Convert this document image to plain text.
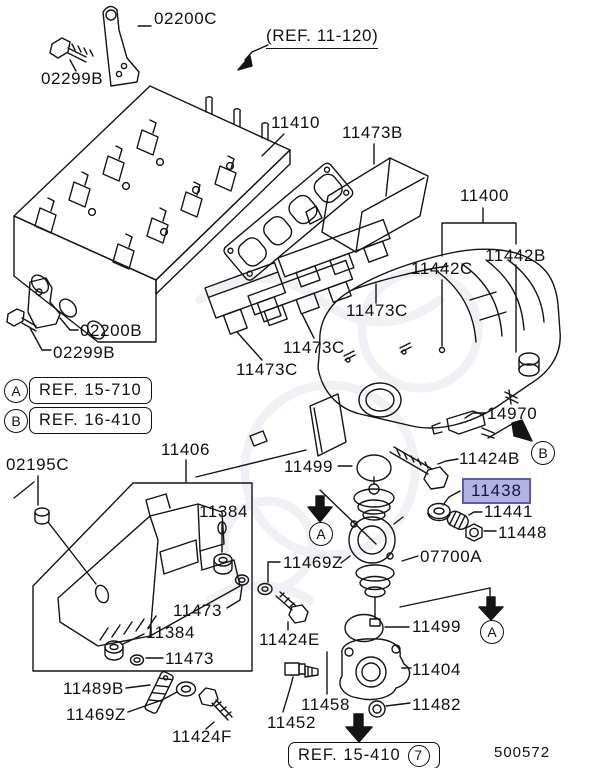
02200C
02299B
11410
11473B
11400
11442C
11442B
11473C
11473C
11473C
02200B
02299B
14970
02195C
11406
11499	11424B
11438
11441
11448
11384
07700A
11469Z
11473
11499
11384
11473
11424E
11404
11489B
11482
11458
11469Z	11452
11424F
(REF. 11-120)
A	REF. 15-710
B	REF. 16-410
A
A
B
REF. 15-410	7	500572
